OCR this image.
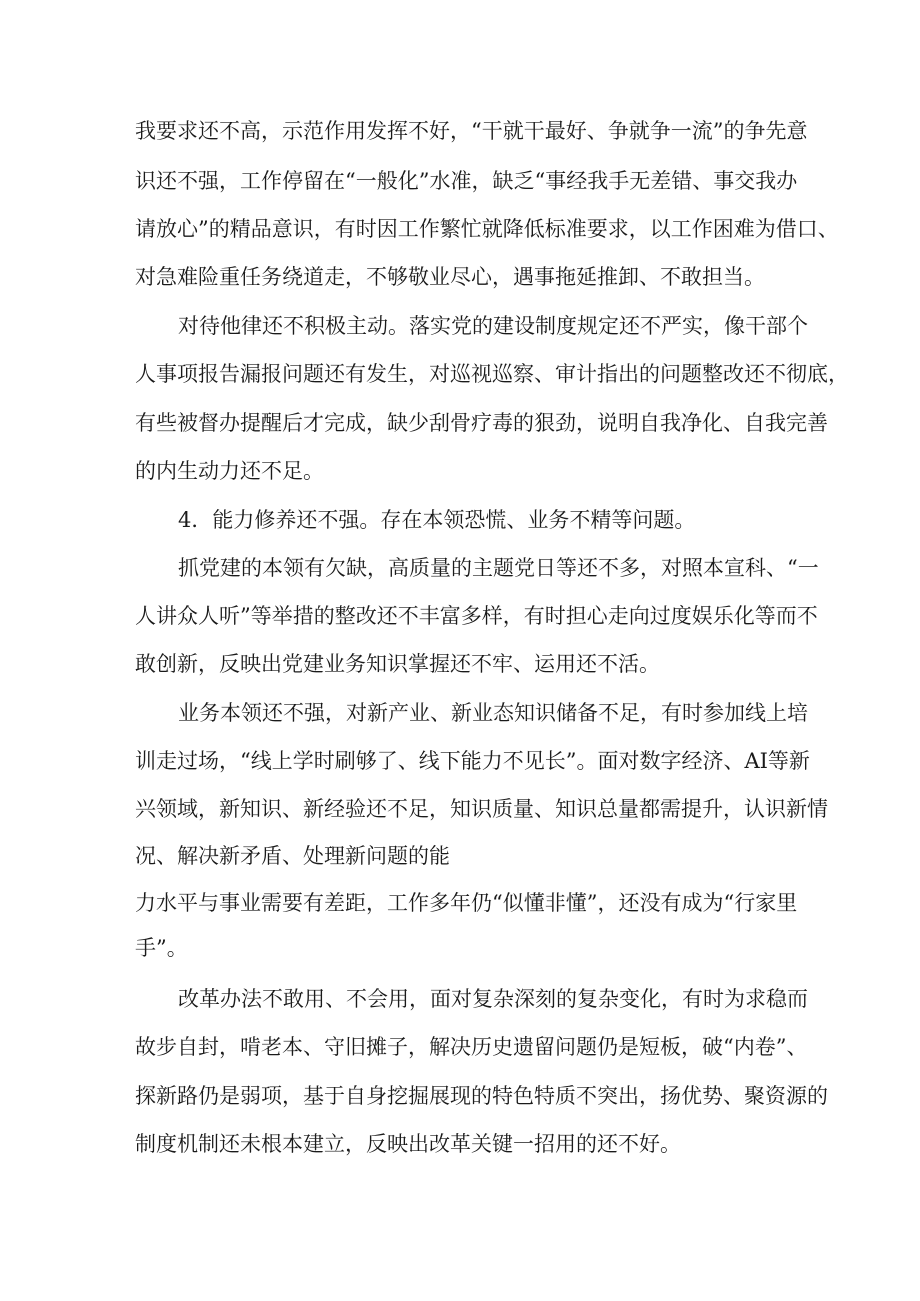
我要求还不高，示范作用发挥不好，“干就干最好、争就争一流”的争先意
识还不强，工作停留在“一般化”水准，缺乏“事经我手无差错、事交我办
请放心”的精品意识，有时因工作繁忙就降低标准要求，以工作困难为借口、
对急难险重任务绕道走，不够敬业尽心，遇事拖延推卸、不敢担当。
对待他律还不积极主动。落实党的建设制度规定还不严实，像干部个
人事项报告漏报问题还有发生，对巡视巡察、审计指出的问题整改还不彻底，
有些被督办提醒后才完成，缺少刮骨疗毒的狠劲，说明自我净化、自我完善
的内生动力还不足。
4．能力修养还不强。存在本领恐慌、业务不精等问题。
抓党建的本领有欠缺，高质量的主题党日等还不多，对照本宣科、“一
人讲众人听”等举措的整改还不丰富多样，有时担心走向过度娱乐化等而不
敢创新，反映出党建业务知识掌握还不牢、运用还不活。
业务本领还不强，对新产业、新业态知识储备不足，有时参加线上培
训走过场，“线上学时刷够了、线下能力不见长”。面对数字经济、AI等新
兴领域，新知识、新经验还不足，知识质量、知识总量都需提升，认识新情
况、解决新矛盾、处理新问题的能
力水平与事业需要有差距，工作多年仍“似懂非懂”，还没有成为“行家里
手”。
改革办法不敢用、不会用，面对复杂深刻的复杂变化，有时为求稳而
故步自封，啃老本、守旧摊子，解决历史遗留问题仍是短板，破“内卷”、
探新路仍是弱项，基于自身挖掘展现的特色特质不突出，扬优势、聚资源的
制度机制还未根本建立，反映出改革关键一招用的还不好。
